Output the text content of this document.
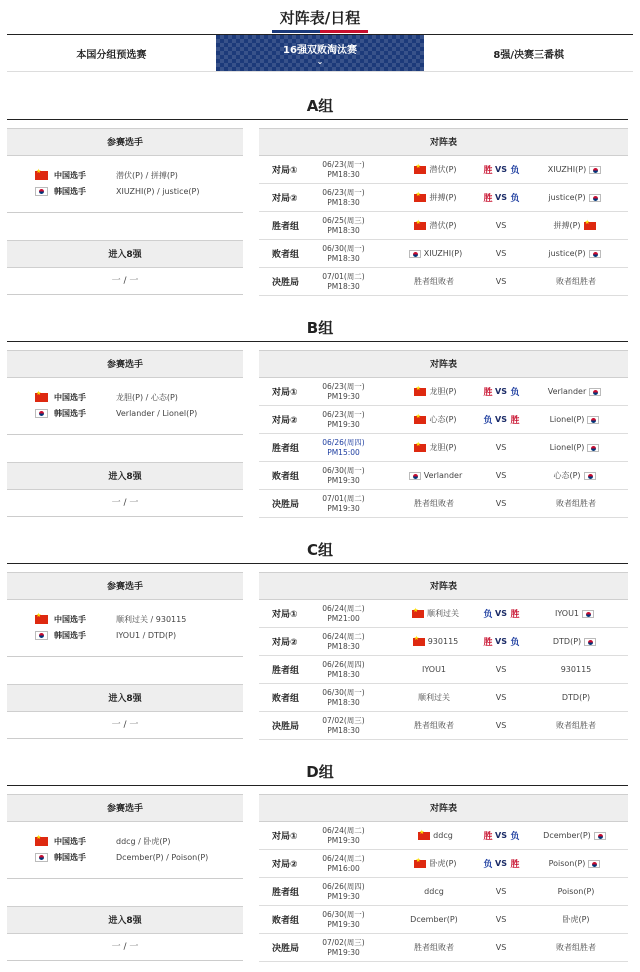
对阵表/日程
本国分组预选赛	16强双败淘汰赛
⌄
8强/决赛三番棋
A组
参赛选手
★
中国选手	潜伏(P) / 拼搏(P)
韩国选手	XIUZHI(P) / justice(P)
进入8强
一 / 一
对阵表
对局①
06/23(周一)
PM18:30 ★	潜伏(P)	胜 VS 负	XIUZHI(P)
对局②
06/23(周一)
PM18:30 ★	拼搏(P)	胜 VS 负	justice(P)
胜者组
06/25(周三)
PM18:30 ★	潜伏(P)	VS	拼搏(P)
★
败者组
06/30(周一)
PM18:30	XIUZHI(P)	VS	justice(P)
决胜局
07/01(周二)
PM18:30	胜者组败者	VS	败者组胜者
B组
参赛选手
★
中国选手	龙胆(P) / 心态(P)
韩国选手	Verlander / Lionel(P)
进入8强
一 / 一
对阵表
对局①
06/23(周一)
PM19:30 ★	龙胆(P)	胜 VS 负	Verlander
对局②
06/23(周一)
PM19:30 ★	心态(P)	负 VS 胜	Lionel(P)
胜者组
06/26(周四)
PM15:00 ★	龙胆(P)	VS	Lionel(P)
败者组
06/30(周一)
PM19:30	Verlander	VS	心态(P)
决胜局
07/01(周二)
PM19:30	胜者组败者	VS	败者组胜者
C组
参赛选手
★
中国选手	顺利过关 / 930115
韩国选手	IYOU1 / DTD(P)
进入8强
一 / 一
对阵表
对局①
06/24(周二)
PM21:00 ★	顺利过关	负 VS 胜	IYOU1
对局②
06/24(周二)
PM18:30 ★	930115	胜 VS 负	DTD(P)
胜者组
06/26(周四)
PM18:30	IYOU1	VS	930115
败者组
06/30(周一)
PM18:30	顺利过关	VS	DTD(P)
决胜局
07/02(周三)
PM18:30	胜者组败者	VS	败者组胜者
D组
参赛选手
★
中国选手	ddcg / 卧虎(P)
韩国选手	Dcember(P) / Poison(P)
进入8强
一 / 一
对阵表
对局①
06/24(周二)
PM19:30 ★	ddcg	胜 VS 负	Dcember(P)
对局②
06/24(周二)
PM16:00 ★	卧虎(P)	负 VS 胜	Poison(P)
胜者组
06/26(周四)
PM19:30	ddcg	VS	Poison(P)
败者组
06/30(周一)
PM19:30	Dcember(P)	VS	卧虎(P)
决胜局
07/02(周三)
PM19:30	胜者组败者	VS	败者组胜者
